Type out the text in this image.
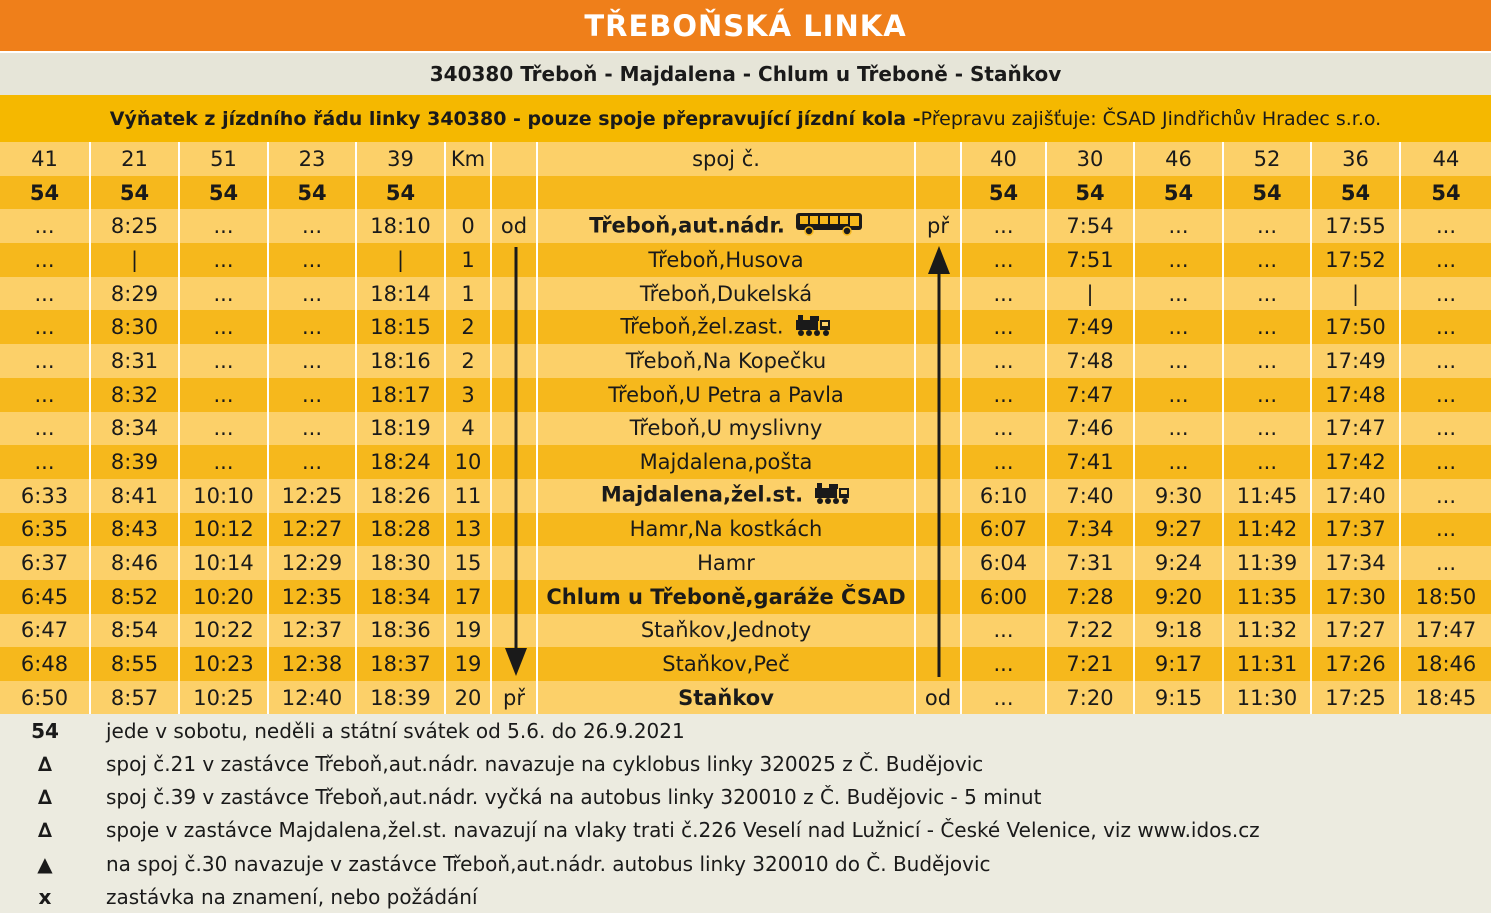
TŘEBOŇSKÁ LINKA
340380 Třeboň - Majdalena - Chlum u Třeboně - Staňkov
Výňatek z jízdního řádu linky 340380 - pouze spoje přepravující jízdní kola - Přepravu zajišťuje: ČSAD Jindřichův Hradec s.r.o.
41	21	51	23	39	Km		spoj č.		40	30	46	52	36	44
54	54	54	54	54					54	54	54	54	54	54
...	8:25	...	...	18:10	0	od	Třeboň,aut.nádr.	př	...	7:54	...	...	17:55	...
...	|	...	...	|	1		Třeboň,Husova		...	7:51	...	...	17:52	...
...	8:29	...	...	18:14	1		Třeboň,Dukelská		...	|	...	...	|	...
...	8:30	...	...	18:15	2		Třeboň,žel.zast.		...	7:49	...	...	17:50	...
...	8:31	...	...	18:16	2		Třeboň,Na Kopečku		...	7:48	...	...	17:49	...
...	8:32	...	...	18:17	3		Třeboň,U Petra a Pavla		...	7:47	...	...	17:48	...
...	8:34	...	...	18:19	4		Třeboň,U myslivny		...	7:46	...	...	17:47	...
...	8:39	...	...	18:24	10		Majdalena,pošta		...	7:41	...	...	17:42	...
6:33	8:41	10:10	12:25	18:26	11		Majdalena,žel.st.		6:10	7:40	9:30	11:45	17:40	...
6:35	8:43	10:12	12:27	18:28	13		Hamr,Na kostkách		6:07	7:34	9:27	11:42	17:37	...
6:37	8:46	10:14	12:29	18:30	15		Hamr		6:04	7:31	9:24	11:39	17:34	...
6:45	8:52	10:20	12:35	18:34	17		Chlum u Třeboně,garáže ČSAD		6:00	7:28	9:20	11:35	17:30	18:50
6:47	8:54	10:22	12:37	18:36	19		Staňkov,Jednoty		...	7:22	9:18	11:32	17:27	17:47
6:48	8:55	10:23	12:38	18:37	19		Staňkov,Peč		...	7:21	9:17	11:31	17:26	18:46
6:50	8:57	10:25	12:40	18:39	20	př	Staňkov	od	...	7:20	9:15	11:30	17:25	18:45
54	jede v sobotu, neděli a státní svátek od 5.6. do 26.9.2021
∆	spoj č.21 v zastávce Třeboň,aut.nádr. navazuje na cyklobus linky 320025 z Č. Budějovic
∆	spoj č.39 v zastávce Třeboň,aut.nádr. vyčká na autobus linky 320010 z Č. Budějovic - 5 minut
∆	spoje v zastávce Majdalena,žel.st. navazují na vlaky trati č.226 Veselí nad Lužnicí - České Velenice, viz www.idos.cz
▲	na spoj č.30 navazuje v zastávce Třeboň,aut.nádr. autobus linky 320010 do Č. Budějovic
x	zastávka na znamení, nebo požádání
